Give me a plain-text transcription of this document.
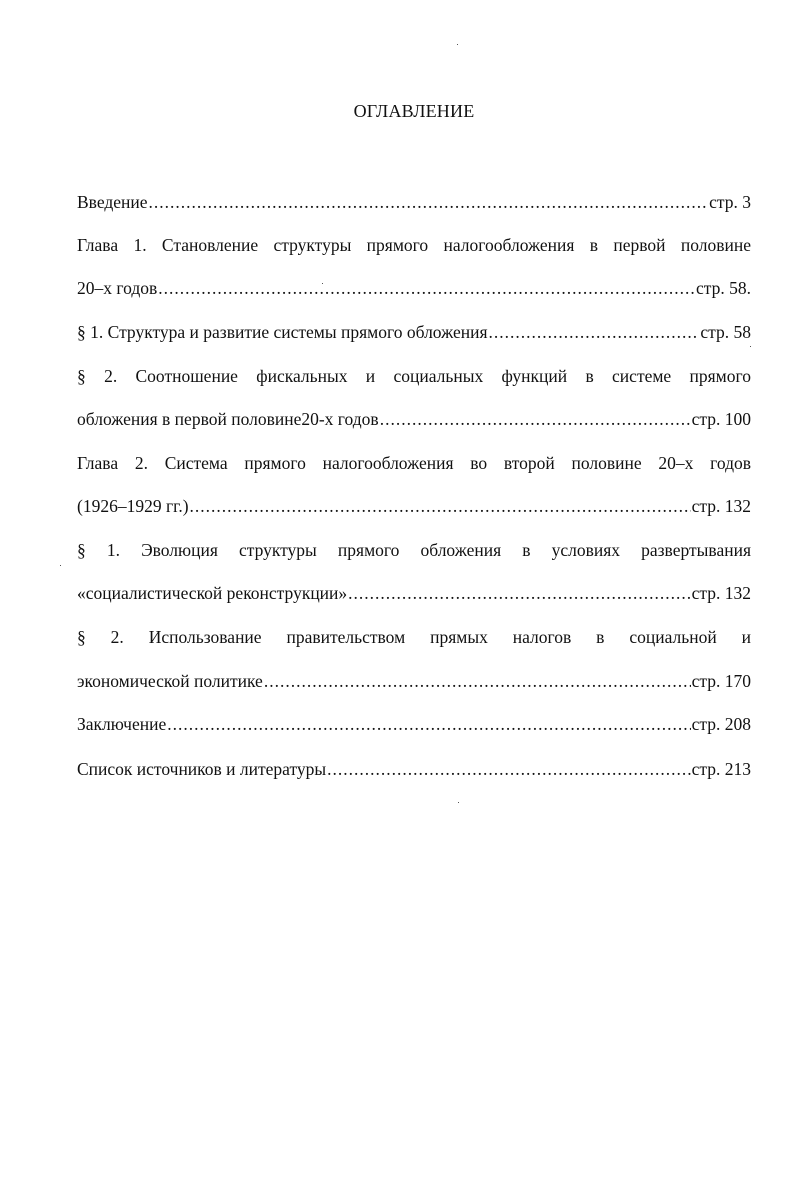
ОГЛАВЛЕНИЕ
Введение .....	стр. 3
Глава 1. Становление структуры прямого налогообложения в первой половине
20–х годов .....	стр. 58.
§ 1. Структура и развитие системы прямого обложения .....	стр. 58
§ 2. Соотношение фискальных и социальных функций в системе прямого
обложения в первой половине20-х годов .....	стр. 100
Глава 2. Система прямого налогообложения во второй половине 20–х годов
(1926–1929 гг.) .....	стр. 132
§ 1. Эволюция структуры прямого обложения в условиях развертывания
«социалистической реконструкции» .....	стр. 132
§ 2. Использование правительством прямых налогов в социальной и
экономической политике .....	стр. 170
Заключение .....	стр. 208
Список источников и литературы .....	стр. 213
